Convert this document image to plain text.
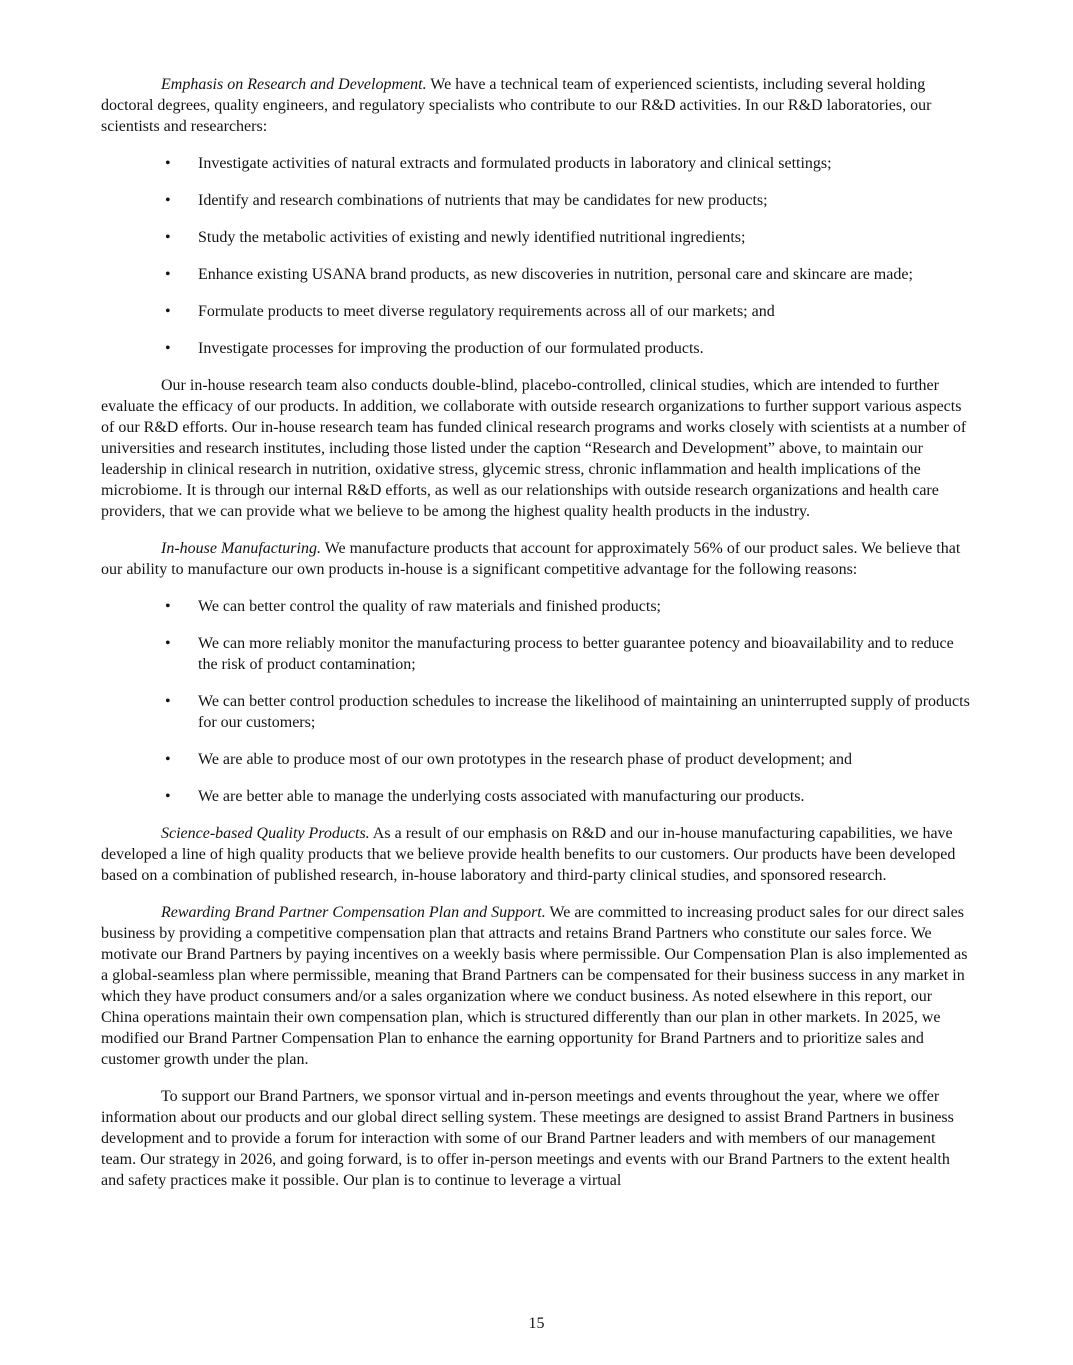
Emphasis on Research and Development. We have a technical team of experienced scientists, including several holding doctoral degrees, quality engineers, and regulatory specialists who contribute to our R&D activities. In our R&D laboratories, our scientists and researchers:

•	Investigate activities of natural extracts and formulated products in laboratory and clinical settings;
•	Identify and research combinations of nutrients that may be candidates for new products;
•	Study the metabolic activities of existing and newly identified nutritional ingredients;
•	Enhance existing USANA brand products, as new discoveries in nutrition, personal care and skincare are made;
•	Formulate products to meet diverse regulatory requirements across all of our markets; and
•	Investigate processes for improving the production of our formulated products.

Our in-house research team also conducts double-blind, placebo-controlled, clinical studies, which are intended to further evaluate the efficacy of our products. In addition, we collaborate with outside research organizations to further support various aspects of our R&D efforts. Our in-house research team has funded clinical research programs and works closely with scientists at a number of universities and research institutes, including those listed under the caption “Research and Development” above, to maintain our leadership in clinical research in nutrition, oxidative stress, glycemic stress, chronic inflammation and health implications of the microbiome. It is through our internal R&D efforts, as well as our relationships with outside research organizations and health care providers, that we can provide what we believe to be among the highest quality health products in the industry.

In-house Manufacturing. We manufacture products that account for approximately 56% of our product sales. We believe that our ability to manufacture our own products in-house is a significant competitive advantage for the following reasons:

•	We can better control the quality of raw materials and finished products;
•	We can more reliably monitor the manufacturing process to better guarantee potency and bioavailability and to reduce the risk of product contamination;
•	We can better control production schedules to increase the likelihood of maintaining an uninterrupted supply of products for our customers;
•	We are able to produce most of our own prototypes in the research phase of product development; and
•	We are better able to manage the underlying costs associated with manufacturing our products.

Science-based Quality Products. As a result of our emphasis on R&D and our in-house manufacturing capabilities, we have developed a line of high quality products that we believe provide health benefits to our customers. Our products have been developed based on a combination of published research, in-house laboratory and third-party clinical studies, and sponsored research.

Rewarding Brand Partner Compensation Plan and Support. We are committed to increasing product sales for our direct sales business by providing a competitive compensation plan that attracts and retains Brand Partners who constitute our sales force. We motivate our Brand Partners by paying incentives on a weekly basis where permissible. Our Compensation Plan is also implemented as a global-seamless plan where permissible, meaning that Brand Partners can be compensated for their business success in any market in which they have product consumers and/or a sales organization where we conduct business. As noted elsewhere in this report, our China operations maintain their own compensation plan, which is structured differently than our plan in other markets. In 2025, we modified our Brand Partner Compensation Plan to enhance the earning opportunity for Brand Partners and to prioritize sales and customer growth under the plan.

To support our Brand Partners, we sponsor virtual and in-person meetings and events throughout the year, where we offer information about our products and our global direct selling system. These meetings are designed to assist Brand Partners in business development and to provide a forum for interaction with some of our Brand Partner leaders and with members of our management team. Our strategy in 2026, and going forward, is to offer in-person meetings and events with our Brand Partners to the extent health and safety practices make it possible. Our plan is to continue to leverage a virtual

15
